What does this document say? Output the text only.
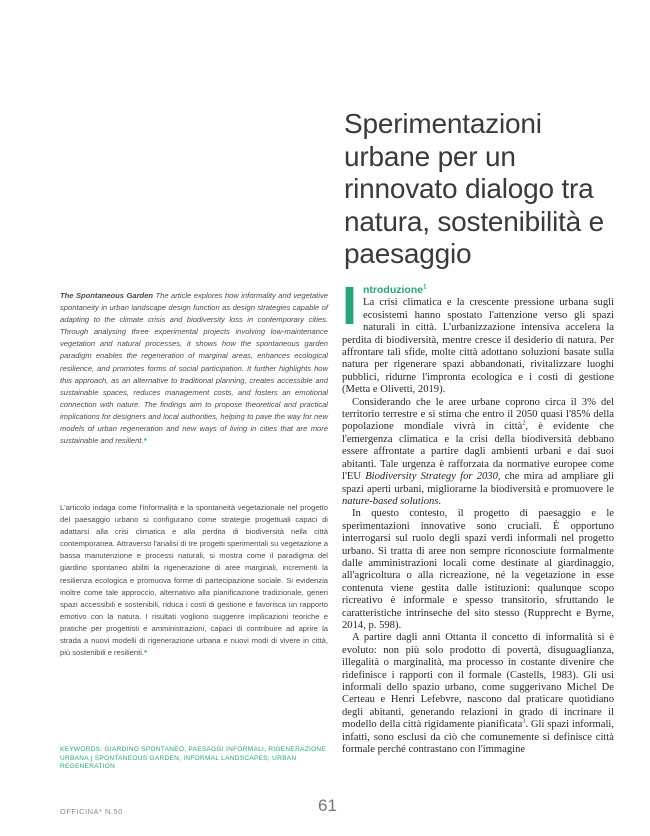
Sperimentazioni
urbane per un
rinnovato dialogo tra
natura, sostenibilità e
paesaggio

The Spontaneous Garden The article explores how informality and vegetative spontaneity in urban landscape design function as design strategies capable of adapting to the climate crisis and biodiversity loss in contemporary cities. Through analysing three experimental projects involving low-maintenance vegetation and natural processes, it shows how the spontaneous garden paradigm enables the regeneration of marginal areas, enhances ecological resilience, and promotes forms of social participation. It further highlights how this approach, as an alternative to traditional planning, creates accessible and sustainable spaces, reduces management costs, and fosters an emotional connection with nature. The findings aim to propose theoretical and practical implications for designers and local authorities, helping to pave the way for new models of urban regeneration and new ways of living in cities that are more sustainable and resilient.*

L'articolo indaga come l'informalità e la spontaneità vegetazionale nel progetto del paesaggio urbano si configurano come strategie progettuali capaci di adattarsi alla crisi climatica e alla perdita di biodiversità nella città contemporanea. Attraverso l'analisi di tre progetti sperimentali su vegetazione a bassa manutenzione e processi naturali, si mostra come il paradigma del giardino spontaneo abiliti la rigenerazione di aree marginali, incrementi la resilienza ecologica e promuova forme di partecipazione sociale. Si evidenzia inoltre come tale approccio, alternativo alla pianificazione tradizionale, generi spazi accessibili e sostenibili, riduca i costi di gestione e favorisca un rapporto emotivo con la natura. I risultati vogliono suggerire implicazioni teoriche e pratiche per progettisti e amministrazioni, capaci di contribuire ad aprire la strada a nuovi modelli di rigenerazione urbana e nuovi modi di vivere in città, più sostenibili e resilienti.*

KEYWORDS: GIARDINO SPONTANEO, PAESAGGI INFORMALI, RIGENERAZIONE URBANA | SPONTANEOUS GARDEN; INFORMAL LANDSCAPES; URBAN REGENERATION

Introduzione$^1$
La crisi climatica e la crescente pressione urbana sugli ecosistemi hanno spostato l'attenzione verso gli spazi naturali in città. L'urbanizzazione intensiva accelera la perdita di biodiversità, mentre cresce il desiderio di natura. Per affrontare tali sfide, molte città adottano soluzioni basate sulla natura per rigenerare spazi abbandonati, rivitalizzare luoghi pubblici, ridurne l'impronta ecologica e i costi di gestione (Metta e Olivetti, 2019).

Considerando che le aree urbane coprono circa il 3% del territorio terrestre e si stima che entro il 2050 quasi l'85% della popolazione mondiale vivrà in città$^2$, è evidente che l'emergenza climatica e la crisi della biodiversità debbano essere affrontate a partire dagli ambienti urbani e dai suoi abitanti. Tale urgenza è rafforzata da normative europee come l'EU Biodiversity Strategy for 2030, che mira ad ampliare gli spazi aperti urbani, migliorarne la biodiversità e promuovere le nature-based solutions.

In questo contesto, il progetto di paesaggio e le sperimentazioni innovative sono cruciali. È opportuno interrogarsi sul ruolo degli spazi verdi informali nel progetto urbano. Si tratta di aree non sempre riconosciute formalmente dalle amministrazioni locali come destinate al giardinaggio, all'agricoltura o alla ricreazione, né la vegetazione in esse contenuta viene gestita dalle istituzioni: qualunque scopo ricreativo è informale e spesso transitorio, sfruttando le caratteristiche intrinseche del sito stesso (Rupprecht e Byrne, 2014, p. 598).

A partire dagli anni Ottanta il concetto di informalità si è evoluto: non più solo prodotto di povertà, disuguaglianza, illegalità o marginalità, ma processo in costante divenire che ridefinisce i rapporti con il formale (Castells, 1983). Gli usi informali dello spazio urbano, come suggerivano Michel De Certeau e Henri Lefebvre, nascono dal praticare quotidiano degli abitanti, generando relazioni in grado di incrinare il modello della città rigidamente pianificata$^3$. Gli spazi informali, infatti, sono esclusi da ciò che comunemente si definisce città formale perché contrastano con l'immagine

OFFICINA* N.50	61
